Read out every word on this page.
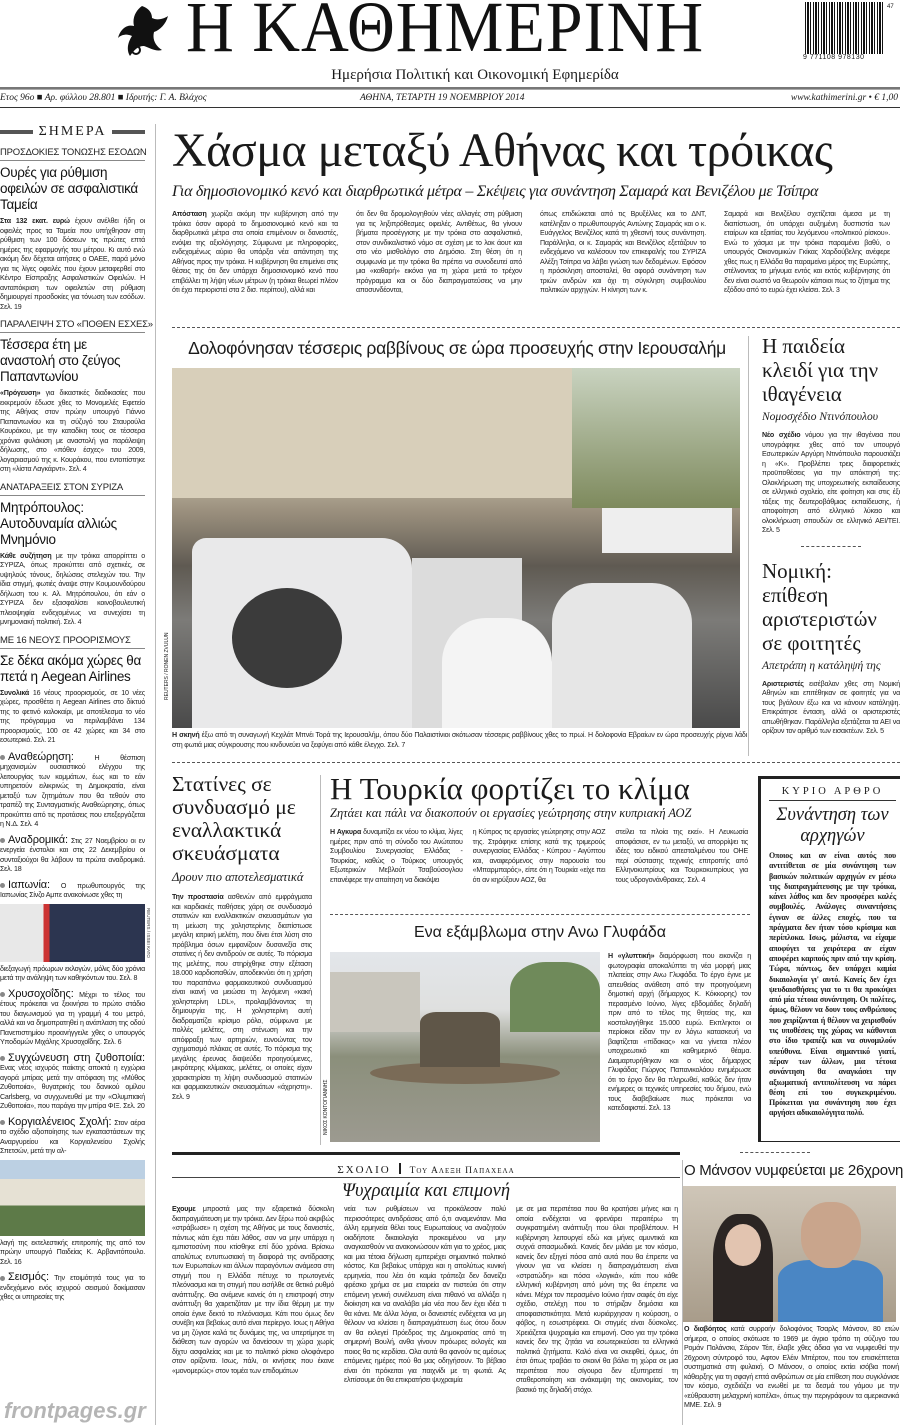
Η ΚΑΘΗΜΕΡΙΝΗ	9 771108 978130
47
Ημερήσια Πολιτική και Οικονομική Εφημερίδα
Ετος 96ο ■ Αρ. φύλλου 28.801 ■ Ιδρυτής: Γ. Α. Βλάχος	ΑΘΗΝΑ, ΤΕΤΑΡΤΗ 19 ΝΟΕΜΒΡΙΟΥ 2014	www.kathimerini.gr • € 1,00
ΣΗΜΕΡΑ
ΠΡΟΣΔΟΚΙΕΣ ΤΟΝΩΣΗΣ ΕΣΟΔΩΝ
Ουρές για ρύθμιση οφειλών σε ασφαλιστικά Ταμεία
Στα 132 εκατ. ευρώ έχουν ανέλθει ήδη οι οφειλές προς τα Ταμεία που υπήχθησαν στη ρύθμιση των 100 δόσεων τις πρώτες επτά ημέρες της εφαρμογής του μέτρου. Κι αυτό ενώ ακόμη δεν δέχεται αιτήσεις ο ΟΑΕΕ, παρά μόνο για τις λίγες οφειλές που έχουν μεταφερθεί στο Κέντρο Είσπραξης Ασφαλιστικών Οφειλών. Η ανταπόκριση των οφειλετών στη ρύθμιση δημιουργεί προσδοκίες για τόνωση των εσόδων. Σελ. 19
ΠΑΡΑΛΕΙΨΗ ΣΤΟ «ΠΟΘΕΝ ΕΣΧΕΣ»
Τέσσερα έτη με αναστολή στο ζεύγος Παπαντωνίου
«Πρόγευση» για δικαστικές διαδικασίες που εκκρεμούν έδωσε χθες το Μονομελές Εφετείο της Αθήνας στον πρώην υπουργό Γιάννο Παπαντωνίου και τη σύζυγό του Σταυρούλα Κουράκου, με την καταδίκη τους σε τέσσερα χρόνια φυλάκιση με αναστολή για παράλειψη δήλωσης, στο «πόθεν έσχες» του 2009, λογαριασμού της κ. Κουράκου, που εντοπίστηκε στη «λίστα Λαγκάρντ». Σελ. 4
ΑΝΑΤΑΡΑΞΕΙΣ ΣΤΟΝ ΣΥΡΙΖΑ
Μητρόπουλος: Αυτοδυναμία αλλιώς Μνημόνιο
Κάθε συζήτηση με την τρόικα απορρίπτει ο ΣΥΡΙΖΑ, όπως προκύπτει από σχετικές, σε υψηλούς τόνους, δηλώσεις στελεχών του. Την ίδια στιγμή, φωτιές άναψε στην Κουμουνδούρου δήλωση του κ. Αλ. Μητρόπουλου, ότι εάν ο ΣΥΡΙΖΑ δεν εξασφαλίσει κοινοβουλευτική πλειοψηφία ενδεχομένως να συνεχίσει τη μνημονιακή πολιτική. Σελ. 4
ΜΕ 16 ΝΕΟΥΣ ΠΡΟΟΡΙΣΜΟΥΣ
Σε δέκα ακόμα χώρες θα πετά η Aegean Airlines
Συνολικά 16 νέους προορισμούς, σε 10 νέες χώρες, προσθέτει η Aegean Airlines στο δίκτυό της το φετινό καλοκαίρι, με αποτέλεσμα το νέο της πρόγραμμα να περιλαμβάνει 134 προορισμούς, 100 σε 42 χώρες και 34 στο εσωτερικό. Σελ. 21
Αναθεώρηση: Η θέσπιση μηχανισμών ουσιαστικού ελέγχου της λειτουργίας των κομμάτων, έως και το εάν υπηρετούν ειλικρινώς τη Δημοκρατία, είναι μεταξύ των ζητημάτων που θα τεθούν στο τραπέζι της Συνταγματικής Αναθεώρησης, όπως προκύπτει από τις προτάσεις που επεξεργάζεται η Ν.Δ. Σελ. 4
Αναδρομικά: Στις 27 Νοεμβρίου οι εν ενεργεία ένστολοι και στις 22 Δεκεμβρίου οι συνταξιούχοι θα λάβουν τα πρώτα αναδρομικά. Σελ. 18
Ιαπωνία: Ο πρωθυπουργός της Ιαπωνίας Σίνζο Αμπε ανακοίνωσε χθες τη
REUTERS / ISSEI KATO
διεξαγωγή πρόωρων εκλογών, μόλις δύο χρόνια μετά την ανάληψη των καθηκόντων του. Σελ. 8
Χρυσοχοΐδης: Μέχρι το τέλος του έτους πρόκειται να ξεκινήσει το πρώτο στάδιο του διαγωνισμού για τη γραμμή 4 του μετρό, αλλά και να δημοπρατηθεί η ανάπλαση της οδού Πανεπιστημίου προανήγγειλε χθες ο υπουργός Υποδομών Μιχάλης Χρυσοχοΐδης. Σελ. 6
Συγχώνευση στη ζυθοποιία: Ενας νέος ισχυρός παίκτης αποκτά η εγχώρια αγορά μπίρας μετά την απόφαση της «Μύθος Ζυθοποιία», θυγατρικής του δανικού ομίλου Carlsberg, να συγχωνευθεί με την «Ολυμπιακή Ζυθοποιία», που παράγει την μπίρα ΦΙΞ. Σελ. 20
Κοργιαλένειος Σχολή: Στον αέρα το σχέδιο αξιοποίησης των εγκαταστάσεων της Αναργυρείου και Κοργιαλενείου Σχολής Σπετσών, μετά την αλ-
λαγή της εκτελεστικής επιτροπής της από τον πρώην υπουργό Παιδείας Κ. Αρβανιτόπουλο. Σελ. 16
Σεισμός: Την ετοιμότητά τους για το ενδεχόμενο ενός ισχυρού σεισμού δοκίμασαν χθες οι υπηρεσίες της
frontpages.gr
Χάσμα μεταξύ Αθήνας και τρόικας
Για δημοσιονομικό κενό και διαρθρωτικά μέτρα – Σκέψεις για συνάντηση Σαμαρά και Βενιζέλου με Τσίπρα
Απόσταση χωρίζει ακόμη την κυβέρνηση από την τρόικα όσον αφορά το δημοσιονομικό κενό και τα διαρθρωτικά μέτρα στα οποία επιμένουν οι δανειστές, ενόψει της αξιολόγησης. Σύμφωνα με πληροφορίες, ενδεχομένως αύριο θα υπάρξει νέα απάντηση της Αθήνας προς την τρόικα. Η κυβέρνηση θα επιμείνει στις θέσεις της ότι δεν υπάρχει δημοσιονομικό κενό που επιβάλλει τη λήψη νέων μέτρων (η τρόικα θεωρεί πλέον ότι έχει περιοριστεί στα 2 δισ. περίπου), αλλά και
ότι δεν θα δρομολογηθούν νέες αλλαγές στη ρύθμιση για τις ληξιπρόθεσμες οφειλές. Αντιθέτως, θα γίνουν βήματα προσέγγισης με την τρόικα στο ασφαλιστικό, στον συνδικαλιστικό νόμο σε σχέση με το λοκ άουτ και στο νέο μισθολόγιο στο Δημόσιο. Στη θέση ότι η συμφωνία με την τρόικα θα πρέπει να συνοδευτεί από μια «καθαρή» εικόνα για τη χώρα μετά το τρέχον πρόγραμμα και οι δύο διαπραγματεύσεις να μην αποσυνδέονται,
όπως επιδιώκεται από τις Βρυξέλλες και το ΔΝΤ, κατέληξαν ο πρωθυπουργός Αντώνης Σαμαράς και ο κ. Ευάγγελος Βενιζέλος κατά τη χθεσινή τους συνάντηση. Παράλληλα, οι κ. Σαμαράς και Βενιζέλος εξετάζουν το ενδεχόμενο να καλέσουν τον επικεφαλής του ΣΥΡΙΖΑ Αλέξη Τσίπρα να λάβει γνώση των δεδομένων. Εφόσον η πρόσκληση αποσταλεί, θα αφορά συνάντηση των τριών ανδρών και όχι τη σύγκληση συμβουλίου πολιτικών αρχηγών. Η κίνηση των κ.
Σαμαρά και Βενιζέλου σχετίζεται άμεσα με τη διαπίστωση, ότι υπάρχει αυξημένη δυσπιστία των εταίρων και εξαιτίας του λεγόμενου «πολιτικού ρίσκου». Ενώ το χάσμα με την τρόικα παραμένει βαθύ, ο υπουργός Οικονομικών Γκίκας Χαρδούβελης ανέφερε χθες πως η Ελλάδα θα παραμείνει μέρος της Ευρώπης, στέλνοντας το μήνυμα εντός και εκτός κυβέρνησης ότι δεν είναι σωστό να θεωρούν κάποιοι πως το ζήτημα της εξόδου από το ευρώ έχει κλείσει. Σελ. 3
Δολοφόνησαν τέσσερις ραββίνους σε ώρα προσευχής στην Ιερουσαλήμ
REUTERS / RONEN ZVULUN
Η σκηνή έξω από τη συναγωγή Κεχιλάτ Μπνέι Τορά της Ιερουσαλήμ, όπου δύο Παλαιστίνιοι σκότωσαν τέσσερις ραββίνους χθες το πρωί. Η δολοφονία Εβραίων εν ώρα προσευχής ρίχνει λάδι στη φωτιά μιας σύγκρουσης που κινδυνεύει να ξεφύγει από κάθε έλεγχο. Σελ. 7
Η παιδεία κλειδί για την ιθαγένεια
Νομοσχέδιο Ντινόπουλου
Νέο σχέδιο νόμου για την ιθαγένεια που υπογράφηκε χθες από τον υπουργό Εσωτερικών Αργύρη Ντινόπουλο παρουσιάζει η «Κ». Προβλέπει τρεις διαφορετικές προϋποθέσεις για την απόκτησή της: Ολοκλήρωση της υποχρεωτικής εκπαίδευσης σε ελληνικό σχολείο, είτε φοίτηση και στις έξι τάξεις της δευτεροβάθμιας εκπαίδευσης, ή αποφοίτηση από ελληνικό λύκειο και ολοκλήρωση σπουδών σε ελληνικό ΑΕΙ/ΤΕΙ. Σελ. 5
Νομική: επίθεση αριστεριστών σε φοιτητές
Απετράπη η κατάληψή της
Αριστεριστές εισέβαλαν χθες στη Νομική Αθηνών και επιτέθηκαν σε φοιτητές για να τους βγάλουν έξω και να κάνουν κατάληψη. Επικράτησε ένταση, αλλά οι αριστεριστές απωθήθηκαν. Παράλληλα εξετάζεται τα ΑΕΙ να ορίζουν τον αριθμό των εισακτέων. Σελ. 5
Στατίνες σε συνδυασμό με εναλλακτικά σκευάσματα
Δρουν πιο αποτελεσματικά
Την προστασία ασθενών από εμφράγματα και καρδιακές παθήσεις χάρη σε συνδυασμό στατινών και εναλλακτικών σκευασμάτων για τη μείωση της χοληστερίνης διαπίστωσε μεγάλη ιατρική μελέτη, που δίνει έτσι λύση στο πρόβλημα όσων εμφανίζουν δυσανεξία στις στατίνες ή δεν αντιδρούν σε αυτές. Το πόρισμα της μελέτης, που στηρίχθηκε στην εξέταση 18.000 καρδιοπαθών, αποδεικνύει ότι η χρήση του παραπάνω φαρμακευτικού συνδυασμού είναι ικανή να μειώσει τη λεγόμενη «κακή χοληστερίνη LDL», προλαμβάνοντας τη δημιουργία της. Η χοληστερίνη αυτή διαδραματίζει κρίσιμο ρόλο, σύμφωνα με πολλές μελέτες, στη στένωση και την απόφραξη των αρτηριών, ευνοώντας τον σχηματισμό πλάκας σε αυτές. Το πόρισμα της μεγάλης έρευνας διαψεύδει προηγούμενες, μικρότερης κλίμακας, μελέτες, οι οποίες είχαν χαρακτηρίσει τη λήψη συνδυασμού στατινών και φαρμακευτικών σκευασμάτων «άχρηστη». Σελ. 9
Η Τουρκία φορτίζει το κλίμα
Ζητάει και πάλι να διακοπούν οι εργασίες γεώτρησης στην κυπριακή ΑΟΖ
Η Αγκυρα δυναμιτίζει εκ νέου το κλίμα, λίγες ημέρες πριν από τη σύνοδο του Ανώτατου Συμβουλίου Συνεργασίας Ελλάδας - Τουρκίας, καθώς ο Τούρκος υπουργός Εξωτερικών Μεβλούτ Τσαβούσογλου επανέφερε την απαίτηση να διακόψει
η Κύπρος τις εργασίες γεώτρησης στην ΑΟΖ της. Στράφηκε επίσης κατά της τριμερούς συνεργασίας Ελλάδας - Κύπρου - Αιγύπτου και, αναφερόμενος στην παρουσία του «Μπαρμπαρός», είπε ότι η Τουρκία «είχε πει ότι αν κηρύξουν ΑΟΖ, θα
στείλει τα πλοία της εκεί». Η Λευκωσία αποφάσισε, εν τω μεταξύ, να απορρίψει τις ιδέες του ειδικού απεσταλμένου του ΟΗΕ περί σύστασης τεχνικής επιτροπής από Ελληνοκυπρίους και Τουρκοκυπρίους για τους υδρογονάνθρακες. Σελ. 4
Ενα εξάμβλωμα στην Ανω Γλυφάδα
ΝΙΚΟΣ ΚΟΝΤΟΓΙΑΝΝΗΣ
Η «γλυπτική» διαμόρφωση που εικονίζει η φωτογραφία αποκαλύπτει τη νέα μορφή μιας πλατείας στην Ανω Γλυφάδα. Το έργο έγινε με απευθείας ανάθεση από την προηγούμενη δημοτική αρχή (δήμαρχος Κ. Κόκκορης) τον περασμένο Ιούνιο, λίγες εβδομάδες δηλαδή πριν από το τέλος της θητείας της, και κοστολογήθηκε 15.000 ευρώ. Εκπληκτοι οι περίοικοι είδαν την εν λόγω κατασκευή να βαφτίζεται «πίδακας» και να γίνεται πλέον υποχρεωτικό και καθημερινό θέαμα. Διαμαρτυρήθηκαν και ο νέος δήμαρχος Γλυφάδας Γιώργος Παπανικολάου ενημέρωσε ότι το έργο δεν θα πληρωθεί, καθώς δεν ήταν ενήμερες οι τεχνικές υπηρεσίες του δήμου, ενώ τους διαβεβαίωσε πως πρόκειται να κατεδαφιστεί. Σελ. 13
ΚΥΡΙΟ ΑΡΘΡΟ
Συνάντηση των αρχηγών
Οποιος και αν είναι αυτός που αντιτίθεται σε μία συνάντηση των βασικών πολιτικών αρχηγών εν μέσω της διαπραγμάτευσης με την τρόικα, κάνει λάθος και δεν προσφέρει καλές συμβουλές. Ανάλογες συναντήσεις έγιναν σε άλλες εποχές, που τα πράγματα δεν ήταν τόσο κρίσιμα και περίπλοκα. Ισως, μάλιστα, να είχαμε αποφύγει τα χειρότερα αν είχαν αποφέρει καρπούς πριν από την κρίση. Τώρα, πάντως, δεν υπάρχει καμία δικαιολογία γι' αυτό. Κανείς δεν έχει ψευδαισθήσεις για το τι θα προκύψει από μία τέτοια συνάντηση. Οι πολίτες, όμως, θέλουν να δουν τους ανθρώπους που χειρίζονται ή θέλουν να χειρισθούν τις υποθέσεις της χώρας να κάθονται στο ίδιο τραπέζι και να συνομιλούν υπεύθυνα. Είναι σημαντικό γιατί, πέραν των άλλων, μια τέτοια συνάντηση θα αναγκάσει την αξιωματική αντιπολίτευση να πάρει θέση επί του συγκεκριμένου. Πρόκειται για συνάντηση που έχει αργήσει αδικαιολόγητα πολύ.
ΣΧΟΛΙΟ Του Αλεξη Παπαχελα
Ψυχραιμία και επιμονή
Εχουμε μπροστά μας την εξαιρετικά δύσκολη διαπραγμάτευση με την τρόικα. Δεν ξέρω πού ακριβώς «στράβωσε» η σχέση της Αθήνας με τους δανειστές, πάντως κάτι έχει πάει λάθος, σαν να μην υπάρχει η εμπιστοσύνη που κτίσθηκε επί δύο χρόνια. Βρίσκω απολύτως εντυπωσιακή τη διαφορά της αντίδρασης των Ευρωπαίων και άλλων παραγόντων ανάμεσα στη στιγμή που η Ελλάδα πέτυχε το πρωτογενές πλεόνασμα και τη στιγμή που εισήλθε σε θετικό ρυθμό ανάπτυξης. Θα ανέμενε κανείς ότι η επιστροφή στην ανάπτυξη θα χαιρετιζόταν με την ίδια θέρμη με την οποία έγινε δεκτό το πλεόνασμα. Κάτι που όμως δεν συνέβη και βεβαίως αυτό είναι περίεργο. Ισως η Αθήνα να μη ζύγισε καλά τις δυνάμεις της, να υπερτίμησε τη διάθεση των αγορών να δανείσουν τη χώρα χωρίς δίχτυ ασφαλείας και με το πολιτικό ρίσκο ολοφάνερο στον ορίζοντα. Ισως, πάλι, οι κινήσεις που έκανε «μονομερώς» στον τομέα των επιδομάτων
νεία των ρυθμίσεων να προκάλεσαν πολύ περισσότερες αντιδράσεις από ό,τι αναμενόταν. Μια άλλη ερμηνεία θέλει τους Ευρωπαίους να αναζητούν οιαδήποτε δικαιολογία προκειμένου να μην αναγκασθούν να ανακοινώσουν κάτι για το χρέος, μιας και μια τέτοια δήλωση εμπεριέχει σημαντικό πολιτικό κόστος. Και βεβαίως υπάρχει και η απολύτως κυνική ερμηνεία, που λέει ότι καμία τράπεζα δεν δανείζει φρέσκο χρήμα σε μια εταιρεία αν πιστεύει ότι στην επόμενη γενική συνέλευση είναι πιθανό να αλλάξει η διοίκηση και να αναλάβει μία νέα που δεν έχει ιδέα τι θα κάνει. Με άλλα λόγια, οι δανειστές ενδέχεται να μη θέλουν να κλείσει η διαπραγμάτευση έως ότου δουν αν θα εκλεγεί Πρόεδρος της Δημοκρατίας από τη σημερινή Βουλή, ανθα γίνουν πρόωρες εκλογές και ποιος θα τις κερδίσει. Ολα αυτά θα φανούν τις αμέσως επόμενες ημέρες πού θα μας οδηγήσουν. Το βέβαιο είναι ότι πρόκειται για παιχνίδι με τη φωτιά. Ας ελπίσουμε ότι θα επικρατήσει ψυχραιμία
με σε μια περιπέτεια που θα κρατήσει μήνες και η οποία ενδέχεται να φρενάρει περαιτέρω τη συγκρατημένη ανάπτυξη που όλοι προβλέπουν. Η κυβέρνηση λειτουργεί εδώ και μήνες αμυντικά και συχνά σπασμωδικά. Κανείς δεν μιλάει με τον κόσμο, κανείς δεν εξηγεί πόσα από αυτά που θα έπρεπε να γίνουν για να κλείσει η διαπραγμάτευση είναι «στρατώδη» και πόσα «λογικά», κάτι που κάθε ελληνική κυβέρνηση από μόνη της θα έπρεπε να κάνει. Μέχρι τον περασμένο Ιούνιο ήταν σαφές ότι είχε σχέδιο, στελέχη που το στήριζαν δημόσια και αποφασιστικότητα. Μετά κυριάρχησαν η κούραση, ο φόβος, η εσωστρέφεια. Οι στιγμές είναι δύσκολες. Χρειάζεται ψυχραιμία και επιμονή. Οσο για την τρόικα κανείς δεν της ζητάει να εσωτερικεύσει τα ελληνικά πολιτικά ζητήματα. Καλό είναι να σκεφθεί, όμως, ότι έτσι όπως τραβάει το σκοινί θα βάλει τη χώρα σε μια περιπέτεια που σίγουρα δεν εξυπηρετεί τη σταθεροποίηση και ανάκαμψη της οικονομίας, τον βασικό της δηλαδή στόχο.
Ο Μάνσον νυμφεύεται με 26χρονη
Ο διαβόητος κατά συρροήν δολοφόνος Τσαρλς Μάνσον, 80 ετών σήμερα, ο οποίος σκότωσε το 1969 με άγριο τρόπο τη σύζυγο του Ρομάν Πολάνσκι, Σάρον Τέιτ, έλαβε χθες άδεια για να νυμφευθεί την 26χρονη σύντροφό του, Αφτον Ελέιν Μπέρτον, που τον επισκέπτεται συστηματικά στη φυλακή. Ο Μάνσον, ο οποίος εκτίει ισόβια ποινή κάθειρξης για τη σφαγή επτά ανθρώπων σε μία επίθεση που συγκλόνισε τον κόσμο, σχεδιάζει να ενωθεί με τα δεσμά του γάμου με την «εύθραυστη μελαχρινή κοπέλα», όπως την περιγράφουν τα αμερικανικά ΜΜΕ. Σελ. 9
